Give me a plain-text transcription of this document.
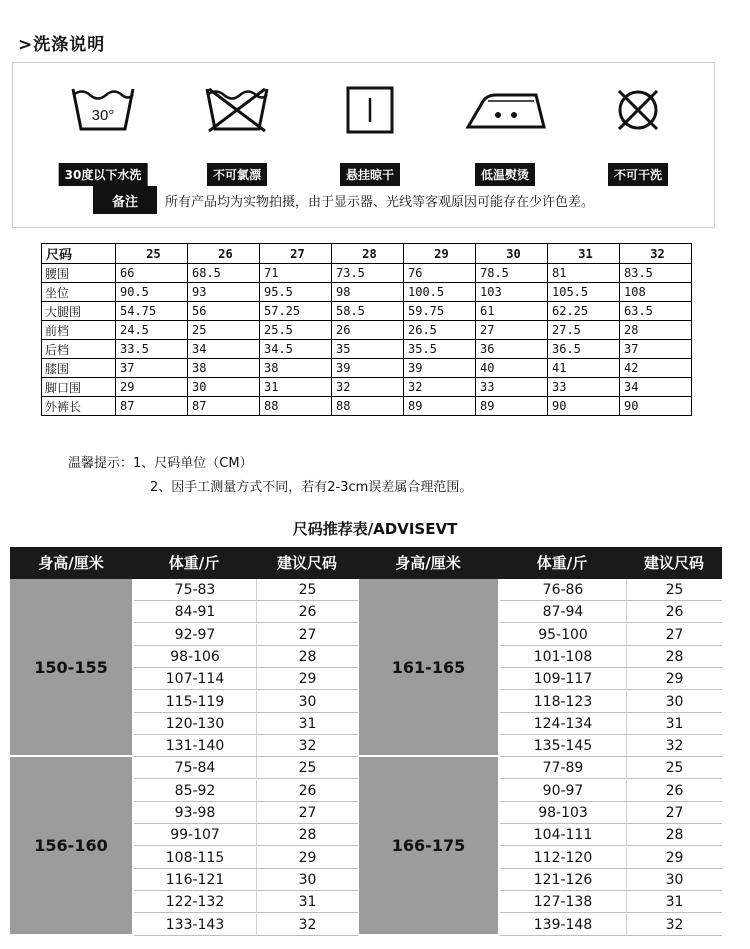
>洗涤说明
30°
30度以下水洗	不可氯漂	悬挂晾干	低温熨烫	不可干洗
备注	所有产品均为实物拍摄，由于显示器、光线等客观原因可能存在少许色差。
尺码	25	26	27	28	29	30	31	32
腰围	66	68.5	71	73.5	76	78.5	81	83.5
坐位	90.5	93	95.5	98	100.5	103	105.5	108
大腿围	54.75	56	57.25	58.5	59.75	61	62.25	63.5
前档	24.5	25	25.5	26	26.5	27	27.5	28
后档	33.5	34	34.5	35	35.5	36	36.5	37
膝围	37	38	38	39	39	40	41	42
脚口围	29	30	31	32	32	33	33	34
外裤长	87	87	88	88	89	89	90	90
温馨提示：1、尺码单位（CM）
2、因手工测量方式不同，若有2-3cm误差属合理范围。
尺码推荐表/ADVISEVT
身高/厘米	体重/斤	建议尺码	身高/厘米	体重/斤	建议尺码
150-155
75-83	25
84-91	26
92-97	27
98-106	28
107-114	29
115-119	30
120-130	31
131-140	32
156-160
75-84	25
85-92	26
93-98	27
99-107	28
108-115	29
116-121	30
122-132	31
133-143	32
161-165
76-86	25
87-94	26
95-100	27
101-108	28
109-117	29
118-123	30
124-134	31
135-145	32
166-175
77-89	25
90-97	26
98-103	27
104-111	28
112-120	29
121-126	30
127-138	31
139-148	32
